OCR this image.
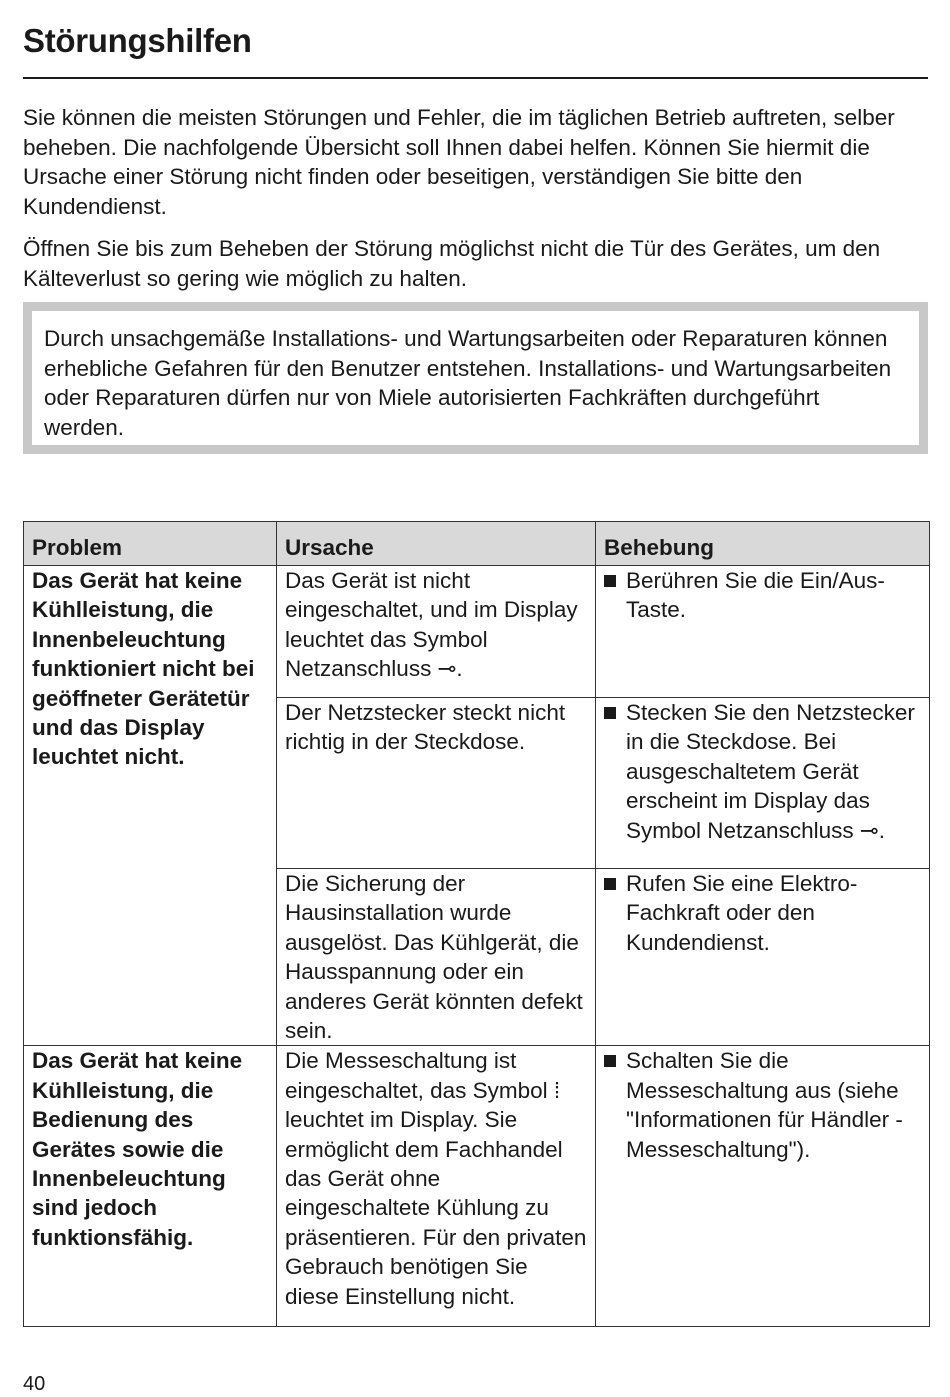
Störungshilfen

Sie können die meisten Störungen und Fehler, die im täglichen Betrieb auftreten, selber beheben. Die nachfolgende Übersicht soll Ihnen dabei helfen. Können Sie hiermit die Ursache einer Störung nicht finden oder beseitigen, verständigen Sie bitte den Kundendienst.

Öffnen Sie bis zum Beheben der Störung möglichst nicht die Tür des Gerätes, um den Kälteverlust so gering wie möglich zu halten.

Durch unsachgemäße Installations- und Wartungsarbeiten oder Reparaturen können erhebliche Gefahren für den Benutzer entstehen. Installations- und Wartungsarbeiten oder Reparaturen dürfen nur von Miele autorisierten Fachkräften durchgeführt werden.

Problem	Ursache	Behebung
Das Gerät hat keine Kühlleistung, die Innenbeleuchtung funktioniert nicht bei geöffneter Gerätetür und das Display leuchtet nicht.	Das Gerät ist nicht eingeschaltet, und im Display leuchtet das Symbol Netzanschluss ⊸.	Berühren Sie die Ein/Aus-Taste.

	Der Netzstecker steckt nicht richtig in der Steckdose.	Stecken Sie den Netzstecker in die Steckdose. Bei ausgeschaltetem Gerät erscheint im Display das Symbol Netzanschluss ⊸.

	Die Sicherung der Hausinstallation wurde ausgelöst. Das Kühlgerät, die Hausspannung oder ein anderes Gerät könnten defekt sein.	Rufen Sie eine Elektro-Fachkraft oder den Kundendienst.

Das Gerät hat keine Kühlleistung, die Bedienung des Gerätes sowie die Innenbeleuchtung sind jedoch funktionsfähig.	Die Messeschaltung ist eingeschaltet, das Symbol ⁞ leuchtet im Display. Sie ermöglicht dem Fachhandel das Gerät ohne eingeschaltete Kühlung zu präsentieren. Für den privaten Gebrauch benötigen Sie diese Einstellung nicht.	Schalten Sie die Messeschaltung aus (siehe "Informationen für Händler - Messeschaltung").
40
